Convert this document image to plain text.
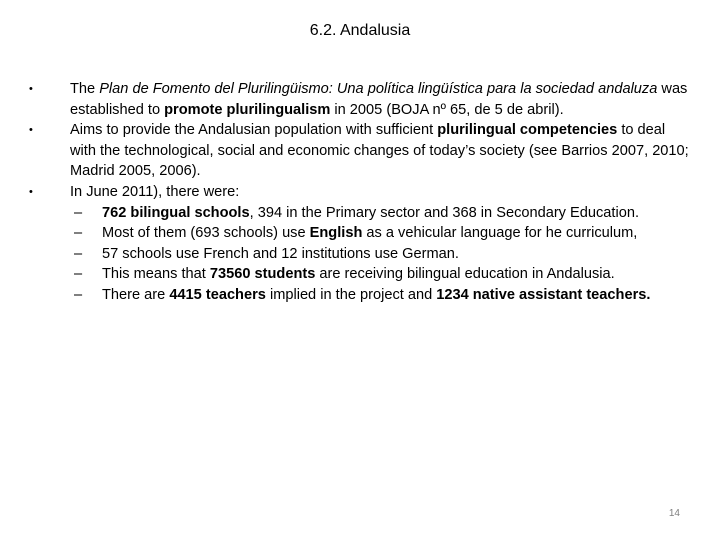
6.2. Andalusia

•	The Plan de Fomento del Plurilingüismo: Una política lingüística para la sociedad andaluza was established to promote plurilingualism in 2005 (BOJA nº 65, de 5 de abril).

•	Aims to provide the Andalusian population with sufficient plurilingual competencies to deal with the technological, social and economic changes of today’s society (see Barrios 2007, 2010; Madrid 2005, 2006).

•	In June 2011), there were:

– 762 bilingual schools, 394 in the Primary sector and 368 in Secondary Education.

– Most of them (693 schools) use English as a vehicular language for he curriculum,

– 57 schools use French and 12 institutions use German.

– This means that 73560 students are receiving bilingual education in Andalusia.

– There are 4415 teachers implied in the project and 1234 native assistant teachers.

14
